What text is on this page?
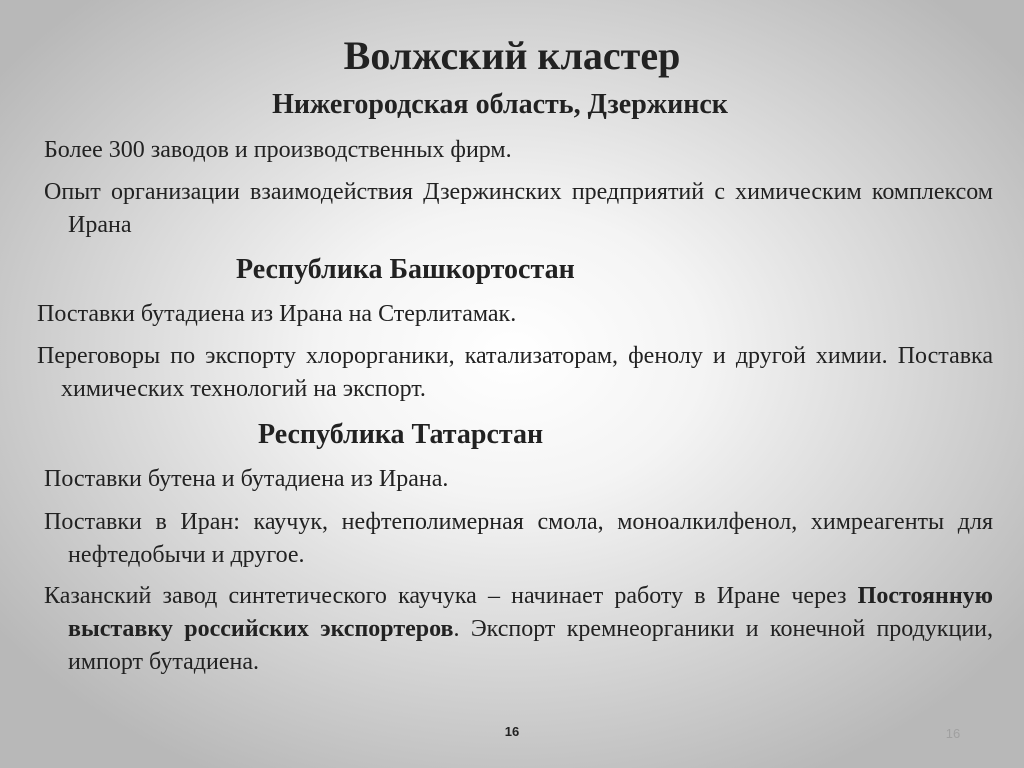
Волжский кластер
Нижегородская область, Дзержинск
Более 300 заводов и производственных фирм.
Опыт организации взаимодействия Дзержинских предприятий с химическим комплексом Ирана
Республика Башкортостан
Поставки бутадиена из Ирана на Стерлитамак.
Переговоры по экспорту хлорорганики, катализаторам, фенолу и другой химии. Поставка химических технологий на экспорт.
Республика Татарстан
Поставки бутена и бутадиена из Ирана.
Поставки в Иран: каучук, нефтеполимерная смола, моноалкилфенол, химреагенты для нефтедобычи и другое.
Казанский завод синтетического каучука – начинает работу в Иране через Постоянную выставку российских экспортеров. Экспорт кремнеорганики и конечной продукции, импорт бутадиена.
16	16
